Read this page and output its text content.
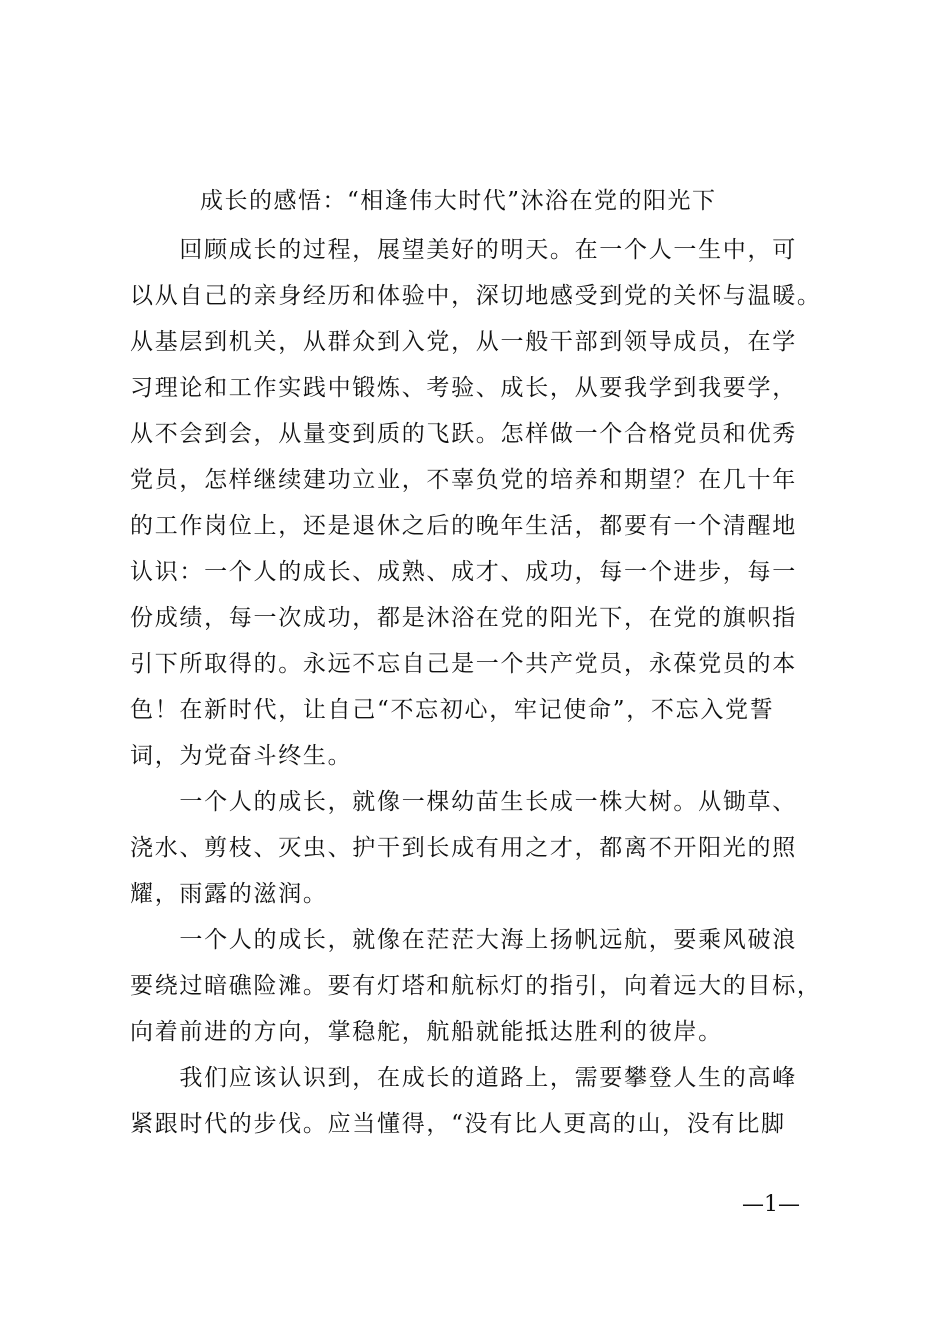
成长的感悟：“相逢伟大时代”沐浴在党的阳光下
　　回顾成长的过程，展望美好的明天。在一个人一生中，可
以从自己的亲身经历和体验中，深切地感受到党的关怀与温暖。
从基层到机关，从群众到入党，从一般干部到领导成员，在学
习理论和工作实践中锻炼、考验、成长，从要我学到我要学，
从不会到会，从量变到质的飞跃。怎样做一个合格党员和优秀
党员，怎样继续建功立业，不辜负党的培养和期望？在几十年
的工作岗位上，还是退休之后的晚年生活，都要有一个清醒地
认识：一个人的成长、成熟、成才、成功，每一个进步，每一
份成绩，每一次成功，都是沐浴在党的阳光下，在党的旗帜指
引下所取得的。永远不忘自己是一个共产党员，永葆党员的本
色！在新时代，让自己“不忘初心，牢记使命”，不忘入党誓
词，为党奋斗终生。
　　一个人的成长，就像一棵幼苗生长成一株大树。从锄草、
浇水、剪枝、灭虫、护干到长成有用之才，都离不开阳光的照
耀，雨露的滋润。
　　一个人的成长，就像在茫茫大海上扬帆远航，要乘风破浪
要绕过暗礁险滩。要有灯塔和航标灯的指引，向着远大的目标，
向着前进的方向，掌稳舵，航船就能抵达胜利的彼岸。
　　我们应该认识到，在成长的道路上，需要攀登人生的高峰
紧跟时代的步伐。应当懂得，“没有比人更高的山，没有比脚
—1—
